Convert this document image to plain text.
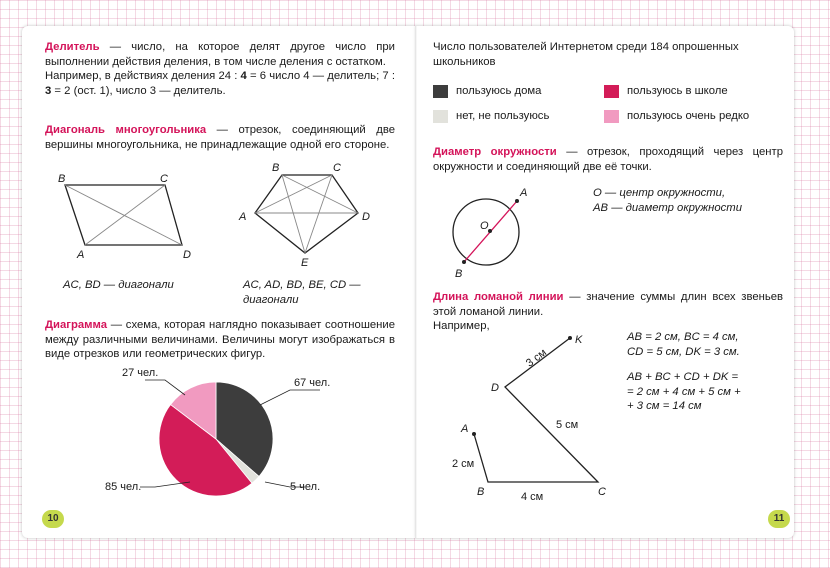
Делитель — число, на которое делят другое число при выполнении действия деления, в том числе деления с остатком.
Например, в действиях деления 24 : 4 = 6 число 4 — делитель; 7 : 3 = 2 (ост. 1), число 3 — делитель.
Диагональ многоугольника — отрезок, соединяющий две вершины многоугольника, не принадлежащие одной его стороне.
AC, BD — диагонали	AC, AD, BD, BE, CD —
диагонали
Диаграмма — схема, которая наглядно показывает соотношение между различными величинами. Величины могут изображаться в виде отрезков или геометрических фигур.
10
Число пользователей Интернетом среди 184 опрошенных школьников
пользуюсь дома	пользуюсь в школе
нет, не пользуюсь	пользуюсь очень редко
Диаметр окружности — отрезок, проходящий через центр окружности и соединяющий две её точки.
O — центр окружности,
AB — диаметр окружности
Длина ломаной линии — значение суммы длин всех звеньев этой ломаной линии.
Например,
AB = 2 см, BC = 4 см,
CD = 5 см, DK = 3 см.
AB + BC + CD + DK =
= 2 см + 4 см + 5 см +
+ 3 см = 14 см
11
B	C
A	D
B	C
A	D
E
67 чел.
5 чел.
85 чел.
27 чел.
A
O
B
A
B	C
D
K
2 см
4 см
5 см
3 см
